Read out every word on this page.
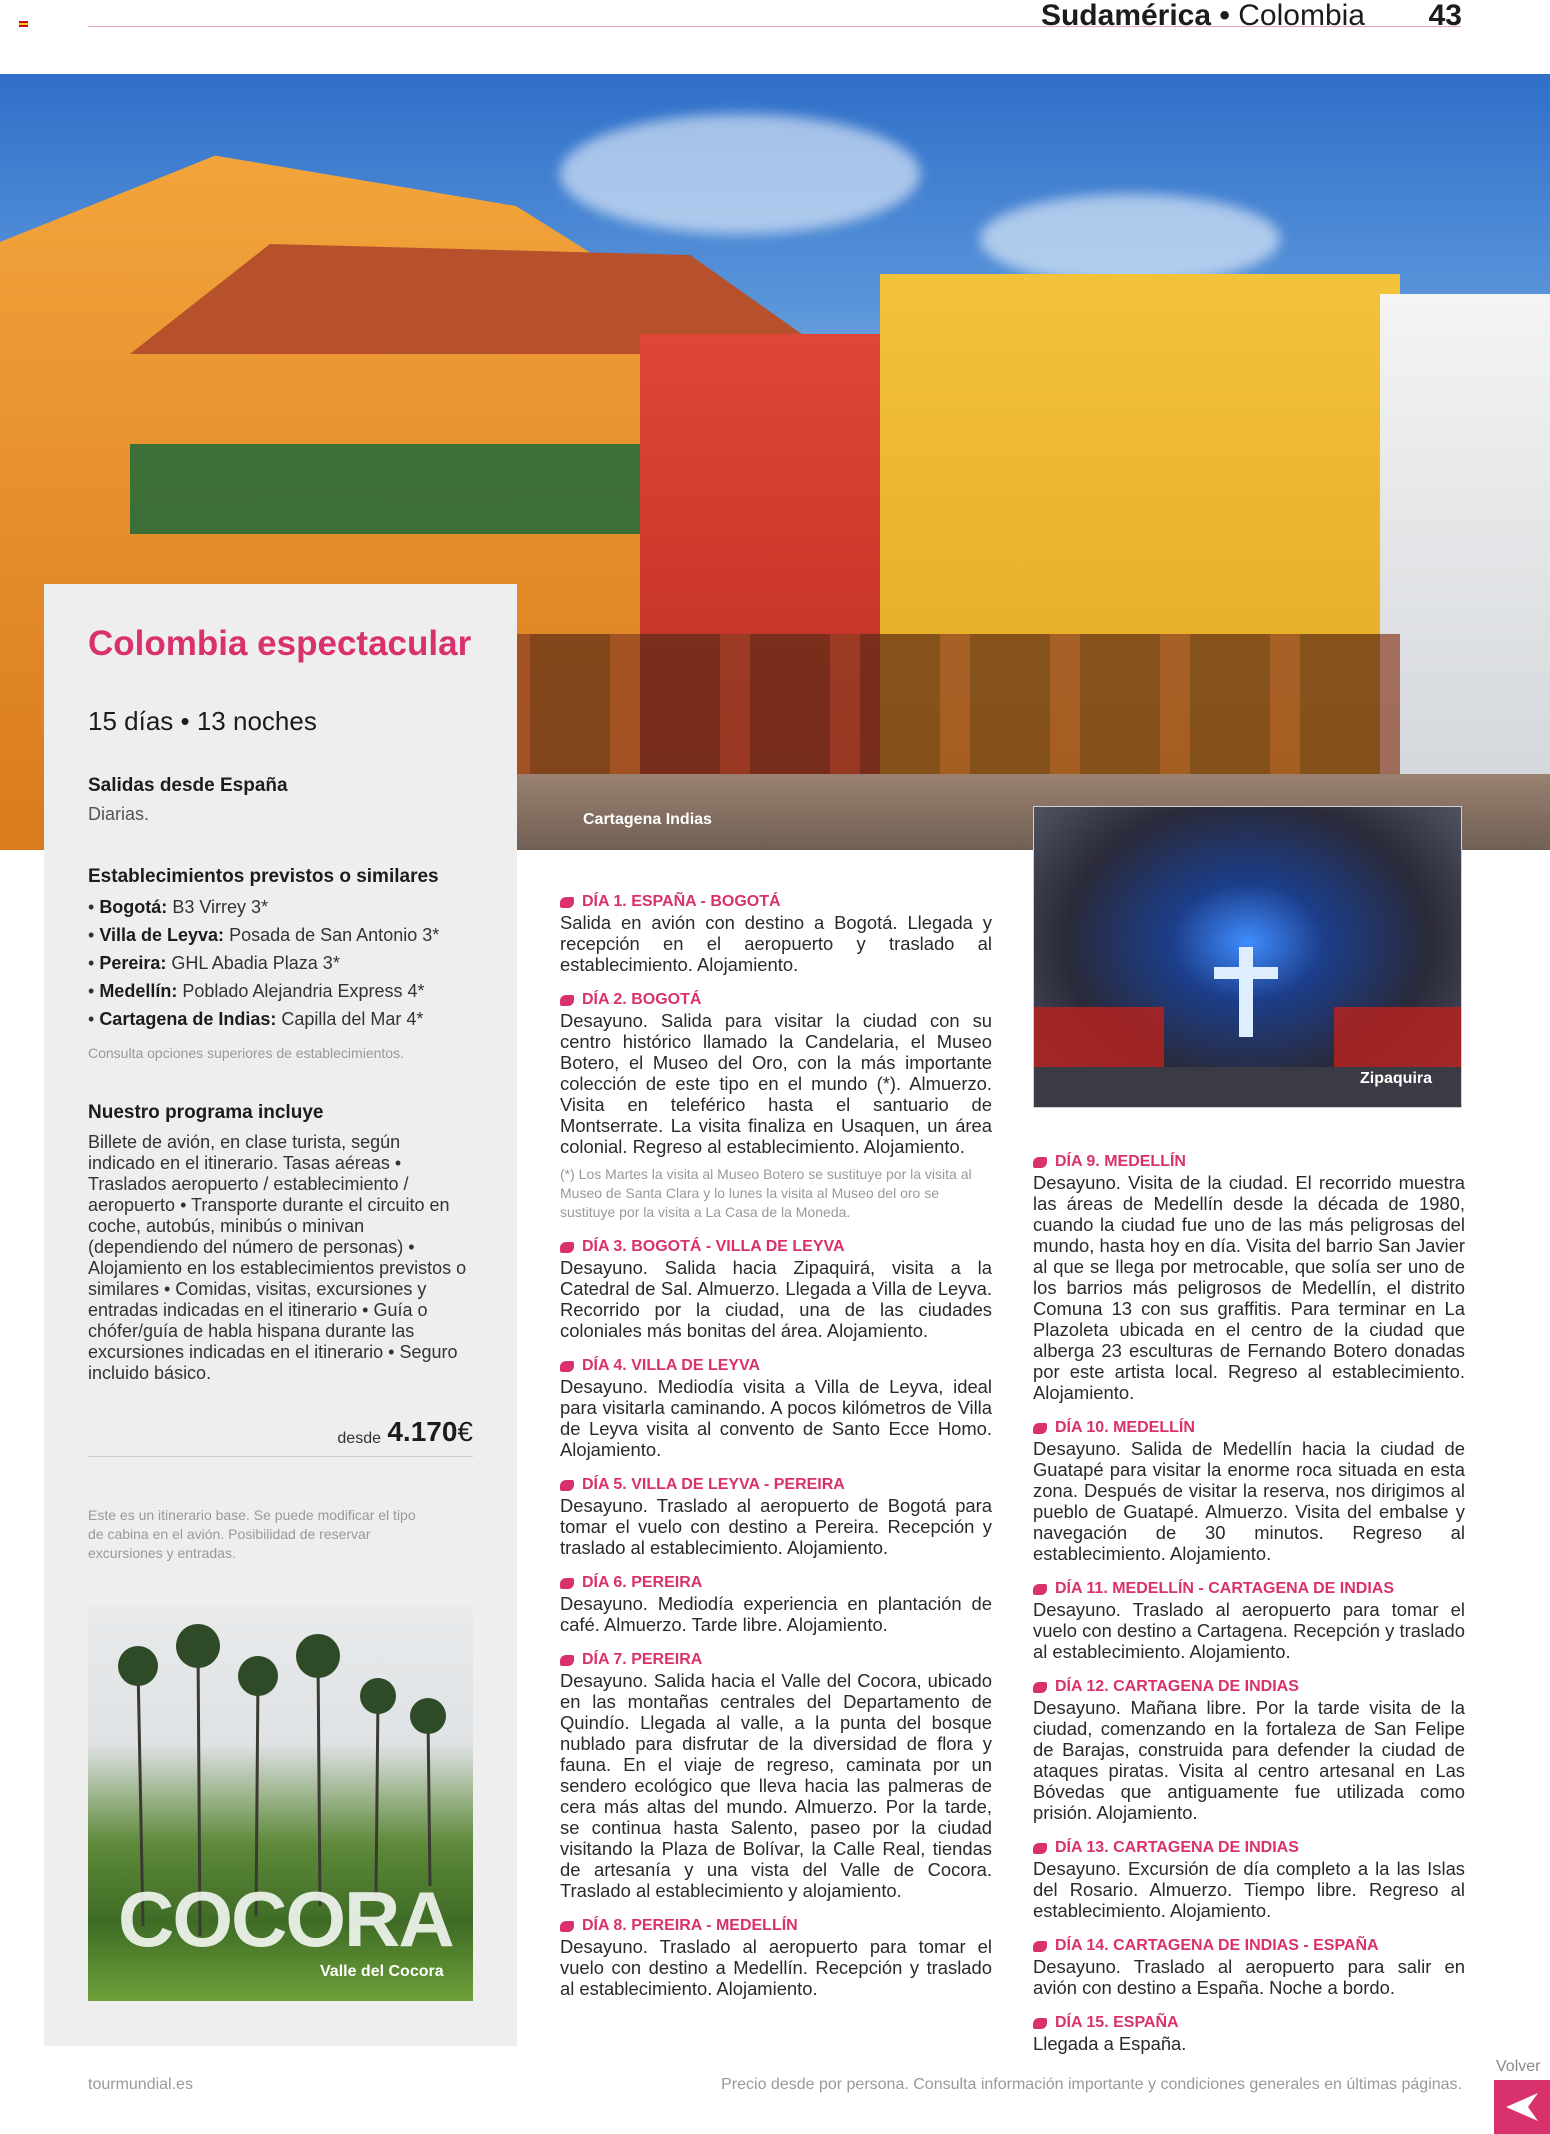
Sudamérica • Colombia 43
Cartagena Indias
Colombia espectacular
15 días • 13 noches
Salidas desde España
Diarias.
Establecimientos previstos o similares
• Bogotá: B3 Virrey 3*
• Villa de Leyva: Posada de San Antonio 3*
• Pereira: GHL Abadia Plaza 3*
• Medellín: Poblado Alejandria Express 4*
• Cartagena de Indias: Capilla del Mar 4*
Consulta opciones superiores de establecimientos.
Nuestro programa incluye
Billete de avión, en clase turista, según indicado en el itinerario. Tasas aéreas • Traslados aeropuerto / establecimiento / aeropuerto • Transporte durante el circuito en coche, autobús, minibús o minivan (dependiendo del número de personas) • Alojamiento en los establecimientos previstos o similares • Comidas, visitas, excursiones y entradas indicadas en el itinerario • Guía o chófer/guía de habla hispana durante las excursiones indicadas en el itinerario • Seguro incluido básico.
desde 4.170€
Este es un itinerario base. Se puede modificar el tipo de cabina en el avión. Posibilidad de reservar excursiones y entradas.
COCORA
Valle del Cocora
Zipaquira
DÍA 1. ESPAÑA - BOGOTÁ
Salida en avión con destino a Bogotá. Llegada y recepción en el aeropuerto y traslado al establecimiento. Alojamiento.
DÍA 2. BOGOTÁ
Desayuno. Salida para visitar la ciudad con su centro histórico llamado la Candelaria, el Museo Botero, el Museo del Oro, con la más importante colección de este tipo en el mundo (*). Almuerzo. Visita en teleférico hasta el santuario de Montserrate. La visita finaliza en Usaquen, un área colonial. Regreso al establecimiento. Alojamiento.
(*) Los Martes la visita al Museo Botero se sustituye por la visita al Museo de Santa Clara y lo lunes la visita al Museo del oro se sustituye por la visita a La Casa de la Moneda.
DÍA 3. BOGOTÁ - VILLA DE LEYVA
Desayuno. Salida hacia Zipaquirá, visita a la Catedral de Sal. Almuerzo. Llegada a Villa de Leyva. Recorrido por la ciudad, una de las ciudades coloniales más bonitas del área. Alojamiento.
DÍA 4. VILLA DE LEYVA
Desayuno. Mediodía visita a Villa de Leyva, ideal para visitarla caminando. A pocos kilómetros de Villa de Leyva visita al convento de Santo Ecce Homo. Alojamiento.
DÍA 5. VILLA DE LEYVA - PEREIRA
Desayuno. Traslado al aeropuerto de Bogotá para tomar el vuelo con destino a Pereira. Recepción y traslado al establecimiento. Alojamiento.
DÍA 6. PEREIRA
Desayuno. Mediodía experiencia en plantación de café. Almuerzo. Tarde libre. Alojamiento.
DÍA 7. PEREIRA
Desayuno. Salida hacia el Valle del Cocora, ubicado en las montañas centrales del Departamento de Quindío. Llegada al valle, a la punta del bosque nublado para disfrutar de la diversidad de flora y fauna. En el viaje de regreso, caminata por un sendero ecológico que lleva hacia las palmeras de cera más altas del mundo. Almuerzo. Por la tarde, se continua hasta Salento, paseo por la ciudad visitando la Plaza de Bolívar, la Calle Real, tiendas de artesanía y una vista del Valle de Cocora. Traslado al establecimiento y alojamiento.
DÍA 8. PEREIRA - MEDELLÍN
Desayuno. Traslado al aeropuerto para tomar el vuelo con destino a Medellín. Recepción y traslado al establecimiento. Alojamiento.
DÍA 9. MEDELLÍN
Desayuno. Visita de la ciudad. El recorrido muestra las áreas de Medellín desde la década de 1980, cuando la ciudad fue uno de las más peligrosas del mundo, hasta hoy en día. Visita del barrio San Javier al que se llega por metrocable, que solía ser uno de los barrios más peligrosos de Medellín, el distrito Comuna 13 con sus graffitis. Para terminar en La Plazoleta ubicada en el centro de la ciudad que alberga 23 esculturas de Fernando Botero donadas por este artista local. Regreso al establecimiento. Alojamiento.
DÍA 10. MEDELLÍN
Desayuno. Salida de Medellín hacia la ciudad de Guatapé para visitar la enorme roca situada en esta zona. Después de visitar la reserva, nos dirigimos al pueblo de Guatapé. Almuerzo. Visita del embalse y navegación de 30 minutos. Regreso al establecimiento. Alojamiento.
DÍA 11. MEDELLÍN - CARTAGENA DE INDIAS
Desayuno. Traslado al aeropuerto para tomar el vuelo con destino a Cartagena. Recepción y traslado al establecimiento. Alojamiento.
DÍA 12. CARTAGENA DE INDIAS
Desayuno. Mañana libre. Por la tarde visita de la ciudad, comenzando en la fortaleza de San Felipe de Barajas, construida para defender la ciudad de ataques piratas. Visita al centro artesanal en Las Bóvedas que antiguamente fue utilizada como prisión. Alojamiento.
DÍA 13. CARTAGENA DE INDIAS
Desayuno. Excursión de día completo a la las Islas del Rosario. Almuerzo. Tiempo libre. Regreso al establecimiento. Alojamiento.
DÍA 14. CARTAGENA DE INDIAS - ESPAÑA
Desayuno. Traslado al aeropuerto para salir en avión con destino a España. Noche a bordo.
DÍA 15. ESPAÑA
Llegada a España.
tourmundial.es	Precio desde por persona. Consulta información importante y condiciones generales en últimas páginas.
Volver
